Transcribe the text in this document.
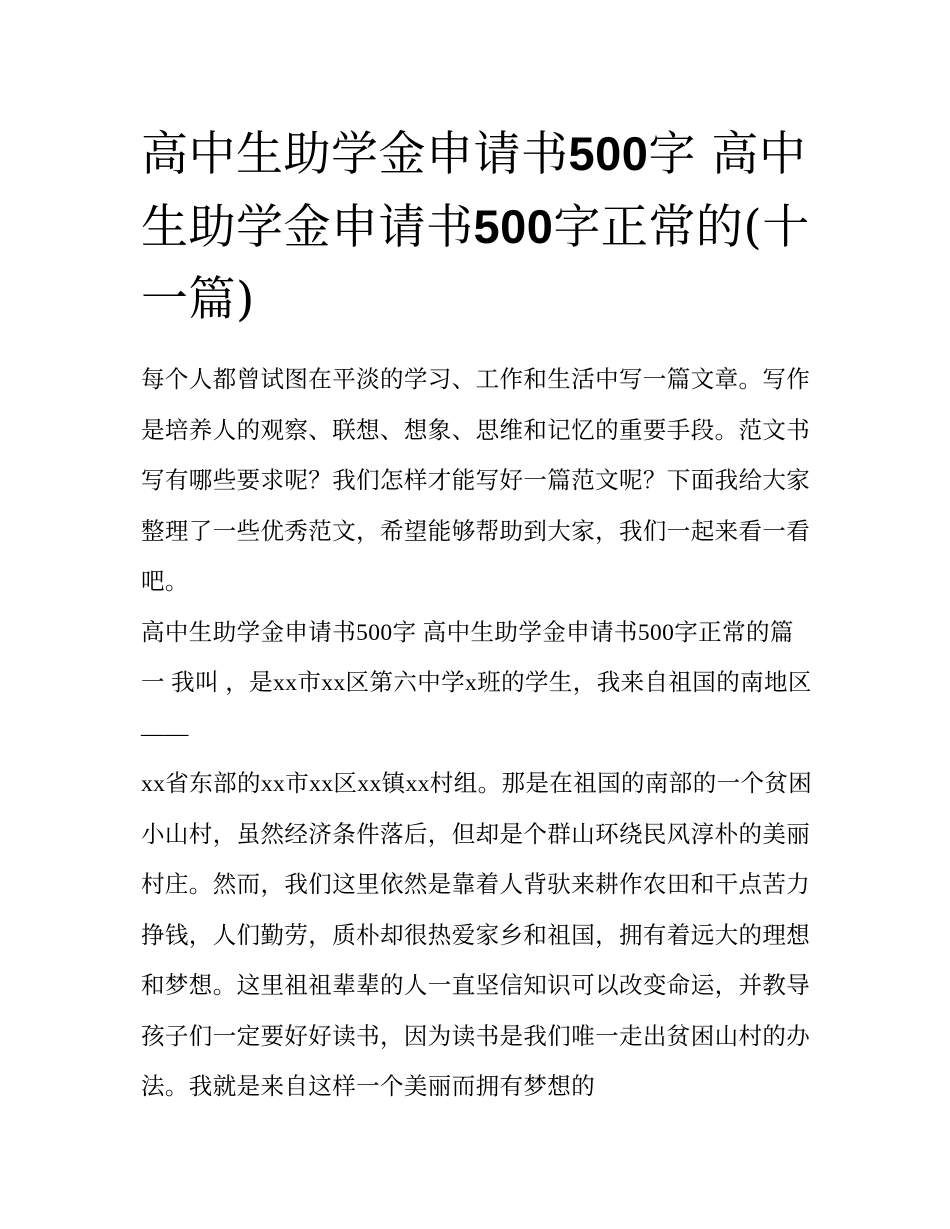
高中生助学金申请书500字 高中生助学金申请书500字正常的(十一篇)

每个人都曾试图在平淡的学习、工作和生活中写一篇文章。写作是培养人的观察、联想、想象、思维和记忆的重要手段。范文书写有哪些要求呢？我们怎样才能写好一篇范文呢？下面我给大家整理了一些优秀范文，希望能够帮助到大家，我们一起来看一看吧。

高中生助学金申请书500字 高中生助学金申请书500字正常的篇一 我叫 ，是xx市xx区第六中学x班的学生，我来自祖国的南地区——

xx省东部的xx市xx区xx镇xx村组。那是在祖国的南部的一个贫困小山村，虽然经济条件落后，但却是个群山环绕民风淳朴的美丽村庄。然而，我们这里依然是靠着人背驮来耕作农田和干点苦力挣钱，人们勤劳，质朴却很热爱家乡和祖国，拥有着远大的理想和梦想。这里祖祖辈辈的人一直坚信知识可以改变命运，并教导孩子们一定要好好读书，因为读书是我们唯一走出贫困山村的办法。我就是来自这样一个美丽而拥有梦想的
